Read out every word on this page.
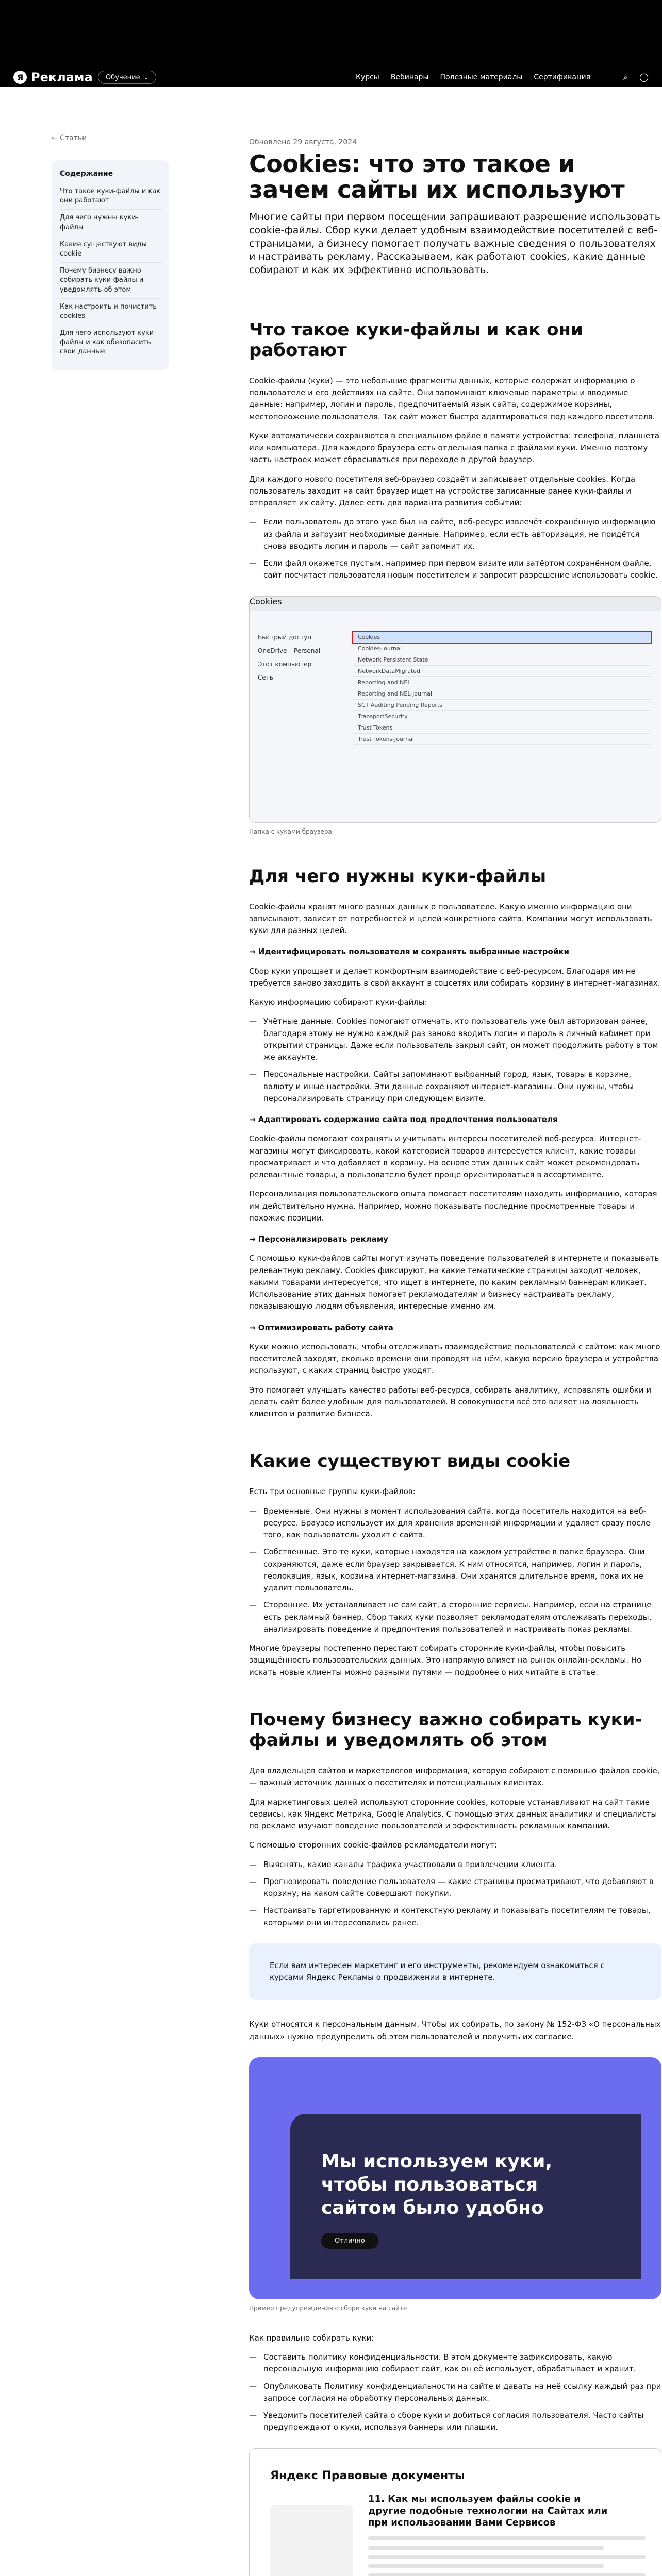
Я Реклама Обучение ⌄	Курсы Вебинары Полезные материалы Сертификация	⌕ ◯
← Статьи
Содержание
Что такое куки-файлы и как они работают
Для чего нужны куки-файлы
Какие существуют виды cookie
Почему бизнесу важно собирать куки-файлы и уведомлять об этом
Как настроить и почистить cookies
Для чего используют куки-файлы и как обезопасить свои данные
Обновлено 29 августа, 2024
Cookies: что это такое и зачем сайты их используют

Многие сайты при первом посещении запрашивают разрешение использовать cookie-файлы. Сбор куки делает удобным взаимодействие посетителей с веб-страницами, а бизнесу помогает получать важные сведения о пользователях и настраивать рекламу. Рассказываем, как работают cookies, какие данные собирают и как их эффективно использовать.

Что такое куки-файлы и как они работают

Cookie-файлы (куки) — это небольшие фрагменты данных, которые содержат информацию о пользователе и его действиях на сайте. Они запоминают ключевые параметры и вводимые данные: например, логин и пароль, предпочитаемый язык сайта, содержимое корзины, местоположение пользователя. Так сайт может быстро адаптироваться под каждого посетителя.

Куки автоматически сохраняются в специальном файле в памяти устройства: телефона, планшета или компьютера. Для каждого браузера есть отдельная папка с файлами куки. Именно поэтому часть настроек может сбрасываться при переходе в другой браузер.

Для каждого нового посетителя веб-браузер создаёт и записывает отдельные cookies. Когда пользователь заходит на сайт браузер ищет на устройстве записанные ранее куки-файлы и отправляет их сайту. Далее есть два варианта развития событий:

— Если пользователь до этого уже был на сайте, веб-ресурс извлечёт сохранённую информацию из файла и загрузит необходимые данные. Например, если есть авторизация, не придётся снова вводить логин и пароль — сайт запомнит их.
— Если файл окажется пустым, например при первом визите или затёртом сохранённом файле, сайт посчитает пользователя новым посетителем и запросит разрешение использовать cookie.
Cookies
Быстрый доступ
OneDrive – Personal
Этот компьютер
Сеть
Cookies
Cookies-journal
Network Persistent State
NetworkDataMigrated
Reporting and NEL
Reporting and NEL-journal
SCT Auditing Pending Reports
TransportSecurity
Trust Tokens
Trust Tokens-journal
Папка с куками браузера
Для чего нужны куки-файлы

Cookie-файлы хранят много разных данных о пользователе. Какую именно информацию они записывают, зависит от потребностей и целей конкретного сайта. Компании могут использовать куки для разных целей.

→ Идентифицировать пользователя и сохранять выбранные настройки

Сбор куки упрощает и делает комфортным взаимодействие с веб-ресурсом. Благодаря им не требуется заново заходить в свой аккаунт в соцсетях или собирать корзину в интернет-магазинах.

Какую информацию собирают куки-файлы:

— Учётные данные. Cookies помогают отмечать, кто пользователь уже был авторизован ранее, благодаря этому не нужно каждый раз заново вводить логин и пароль в личный кабинет при открытии страницы. Даже если пользователь закрыл сайт, он может продолжить работу в том же аккаунте.
— Персональные настройки. Сайты запоминают выбранный город, язык, товары в корзине, валюту и иные настройки. Эти данные сохраняют интернет-магазины. Они нужны, чтобы персонализировать страницу при следующем визите.

→ Адаптировать содержание сайта под предпочтения пользователя

Cookie-файлы помогают сохранять и учитывать интересы посетителей веб-ресурса. Интернет-магазины могут фиксировать, какой категорией товаров интересуется клиент, какие товары просматривает и что добавляет в корзину. На основе этих данных сайт может рекомендовать релевантные товары, а пользователю будет проще ориентироваться в ассортименте.

Персонализация пользовательского опыта помогает посетителям находить информацию, которая им действительно нужна. Например, можно показывать последние просмотренные товары и похожие позиции.

→ Персонализировать рекламу

С помощью куки-файлов сайты могут изучать поведение пользователей в интернете и показывать релевантную рекламу. Cookies фиксируют, на какие тематические страницы заходит человек, какими товарами интересуется, что ищет в интернете, по каким рекламным баннерам кликает. Использование этих данных помогает рекламодателям и бизнесу настраивать рекламу, показывающую людям объявления, интересные именно им.

→ Оптимизировать работу сайта

Куки можно использовать, чтобы отслеживать взаимодействие пользователей с сайтом: как много посетителей заходят, сколько времени они проводят на нём, какую версию браузера и устройства используют, с каких страниц быстро уходят.

Это помогает улучшать качество работы веб-ресурса, собирать аналитику, исправлять ошибки и делать сайт более удобным для пользователей. В совокупности всё это влияет на лояльность клиентов и развитие бизнеса.

Какие существуют виды cookie

Есть три основные группы куки-файлов:

— Временные. Они нужны в момент использования сайта, когда посетитель находится на веб-ресурсе. Браузер использует их для хранения временной информации и удаляет сразу после того, как пользователь уходит с сайта.
— Собственные. Это те куки, которые находятся на каждом устройстве в папке браузера. Они сохраняются, даже если браузер закрывается. К ним относятся, например, логин и пароль, геолокация, язык, корзина интернет-магазина. Они хранятся длительное время, пока их не удалит пользователь.
— Сторонние. Их устанавливает не сам сайт, а сторонние сервисы. Например, если на странице есть рекламный баннер. Сбор таких куки позволяет рекламодателям отслеживать переходы, анализировать поведение и предпочтения пользователей и настраивать показ рекламы.

Многие браузеры постепенно перестают собирать сторонние куки-файлы, чтобы повысить защищённость пользовательских данных. Это напрямую влияет на рынок онлайн-рекламы. Но искать новые клиенты можно разными путями — подробнее о них читайте в статье.

Почему бизнесу важно собирать куки-файлы и уведомлять об этом

Для владельцев сайтов и маркетологов информация, которую собирают с помощью файлов cookie, — важный источник данных о посетителях и потенциальных клиентах.

Для маркетинговых целей используют сторонние cookies, которые устанавливают на сайт такие сервисы, как Яндекс Метрика, Google Analytics. С помощью этих данных аналитики и специалисты по рекламе изучают поведение пользователей и эффективность рекламных кампаний.

С помощью сторонних cookie-файлов рекламодатели могут:

— Выяснять, какие каналы трафика участвовали в привлечении клиента.
— Прогнозировать поведение пользователя — какие страницы просматривают, что добавляют в корзину, на каком сайте совершают покупки.
— Настраивать таргетированную и контекстную рекламу и показывать посетителям те товары, которыми они интересовались ранее.
Если вам интересен маркетинг и его инструменты, рекомендуем ознакомиться с курсами Яндекс Рекламы о продвижении в интернете.

Куки относятся к персональным данным. Чтобы их собирать, по закону № 152-ФЗ «О персональных данных» нужно предупредить об этом пользователей и получить их согласие.

Мы используем куки, чтобы пользоваться сайтом было удобно
Отлично
Пример предупреждения о сборе куки на сайте

Как правильно собирать куки:

— Составить политику конфиденциальности. В этом документе зафиксировать, какую персональную информацию собирает сайт, как он её использует, обрабатывает и хранит.
— Опубликовать Политику конфиденциальности на сайте и давать на неё ссылку каждый раз при запросе согласия на обработку персональных данных.
— Уведомить посетителей сайта о сборе куки и добиться согласия пользователя. Часто сайты предупреждают о куки, используя баннеры или плашки.
Яндекс Правовые документы
11. Как мы используем файлы cookie и другие подобные технологии на Сайтах или при использовании Вами Сервисов
